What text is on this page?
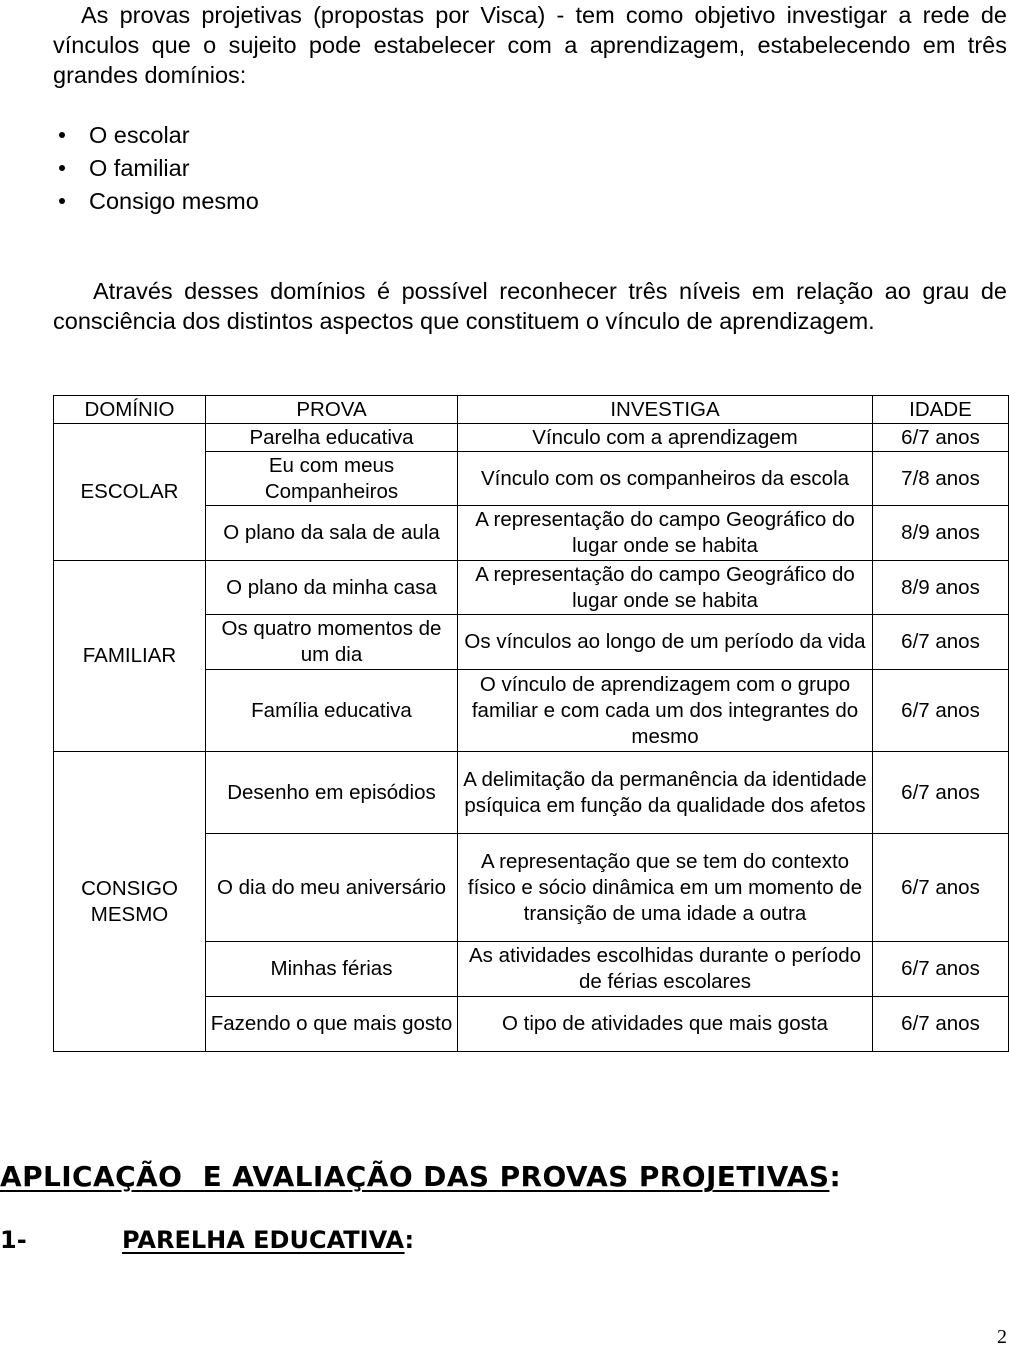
As provas projetivas (propostas por Visca) - tem como objetivo investigar a rede de vínculos que o sujeito pode estabelecer com a aprendizagem, estabelecendo em três grandes domínios:

O escolar
O familiar
Consigo mesmo

Através desses domínios é possível reconhecer três níveis em relação ao grau de consciência dos distintos aspectos que constituem o vínculo de aprendizagem.

DOMÍNIO	PROVA	INVESTIGA	IDADE
ESCOLAR	Parelha educativa	Vínculo com a aprendizagem	6/7 anos
	Eu com meus Companheiros	Vínculo com os companheiros da escola	7/8 anos
	O plano da sala de aula	A representação do campo Geográfico do lugar onde se habita	8/9 anos
FAMILIAR	O plano da minha casa	A representação do campo Geográfico do lugar onde se habita	8/9 anos
	Os quatro momentos de um dia	Os vínculos ao longo de um período da vida	6/7 anos
	Família educativa	O vínculo de aprendizagem com o grupo familiar e com cada um dos integrantes do mesmo	6/7 anos
CONSIGO MESMO	Desenho em episódios	A delimitação da permanência da identidade psíquica em função da qualidade dos afetos	6/7 anos
	O dia do meu aniversário	A representação que se tem do contexto físico e sócio dinâmica em um momento de transição de uma idade a outra	6/7 anos
	Minhas férias	As atividades escolhidas durante o período de férias escolares	6/7 anos
	Fazendo o que mais gosto	O tipo de atividades que mais gosta	6/7 anos
APLICAÇÃO  E AVALIAÇÃO DAS PROVAS PROJETIVAS:
1-	PARELHA EDUCATIVA:
2
